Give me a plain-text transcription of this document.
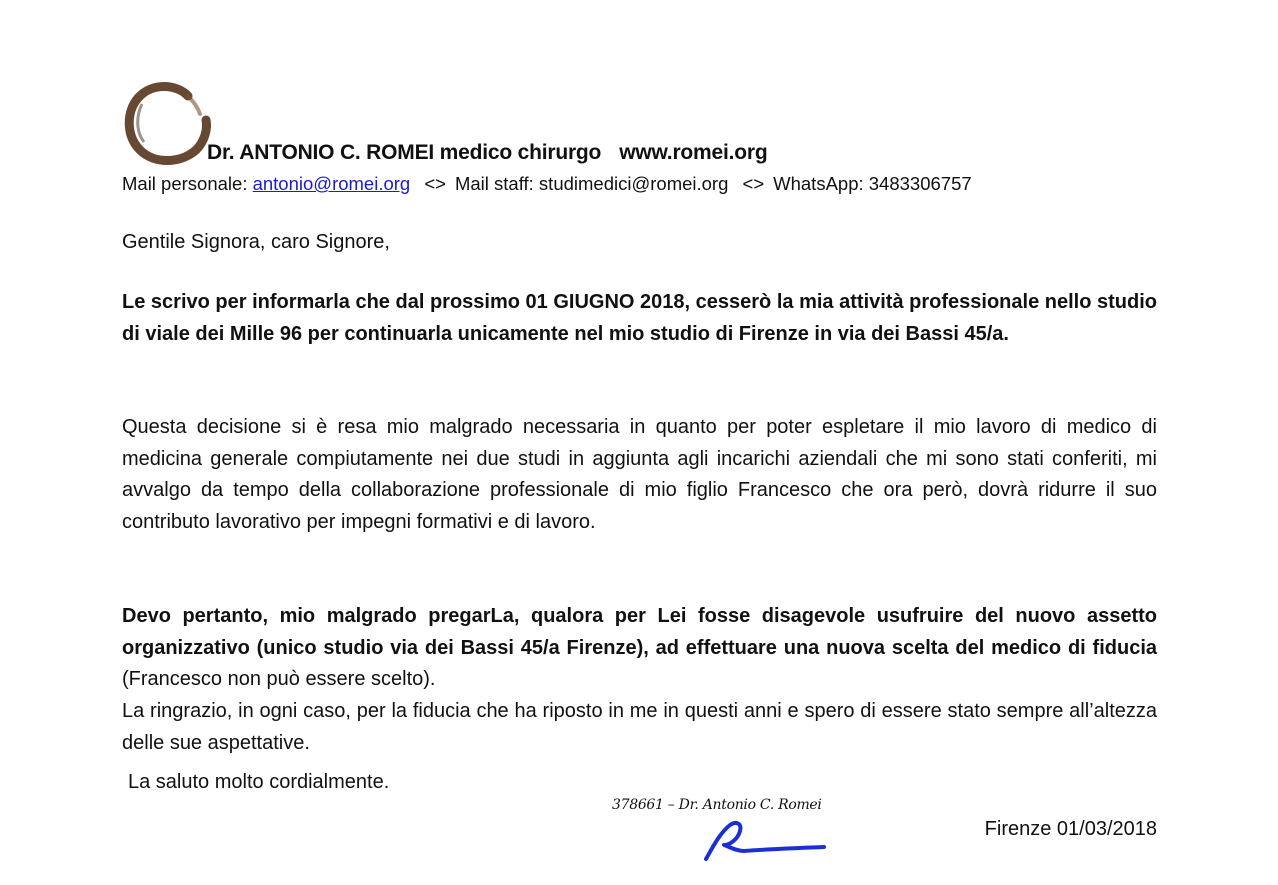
Dr. ANTONIO C. ROMEI medico chirurgo www.romei.org
Mail personale: antonio@romei.org <> Mail staff: studimedici@romei.org <> WhatsApp: 3483306757
Gentile Signora, caro Signore,

Le scrivo per informarla che dal prossimo 01 GIUGNO 2018, cesserò la mia attività professionale nello studio di viale dei Mille 96 per continuarla unicamente nel mio studio di Firenze in via dei Bassi 45/a.

Questa decisione si è resa mio malgrado necessaria in quanto per poter espletare il mio lavoro di medico di medicina generale compiutamente nei due studi in aggiunta agli incarichi aziendali che mi sono stati conferiti, mi avvalgo da tempo della collaborazione professionale di mio figlio Francesco che ora però, dovrà ridurre il suo contributo lavorativo per impegni formativi e di lavoro.

Devo pertanto, mio malgrado pregarLa, qualora per Lei fosse disagevole usufruire del nuovo assetto organizzativo (unico studio via dei Bassi 45/a Firenze), ad effettuare una nuova scelta del medico di fiducia (Francesco non può essere scelto).

La ringrazio, in ogni caso, per la fiducia che ha riposto in me in questi anni e spero di essere stato sempre all’altezza delle sue aspettative.

La saluto molto cordialmente.
378661 – Dr. Antonio C. Romei
Firenze 01/03/2018
